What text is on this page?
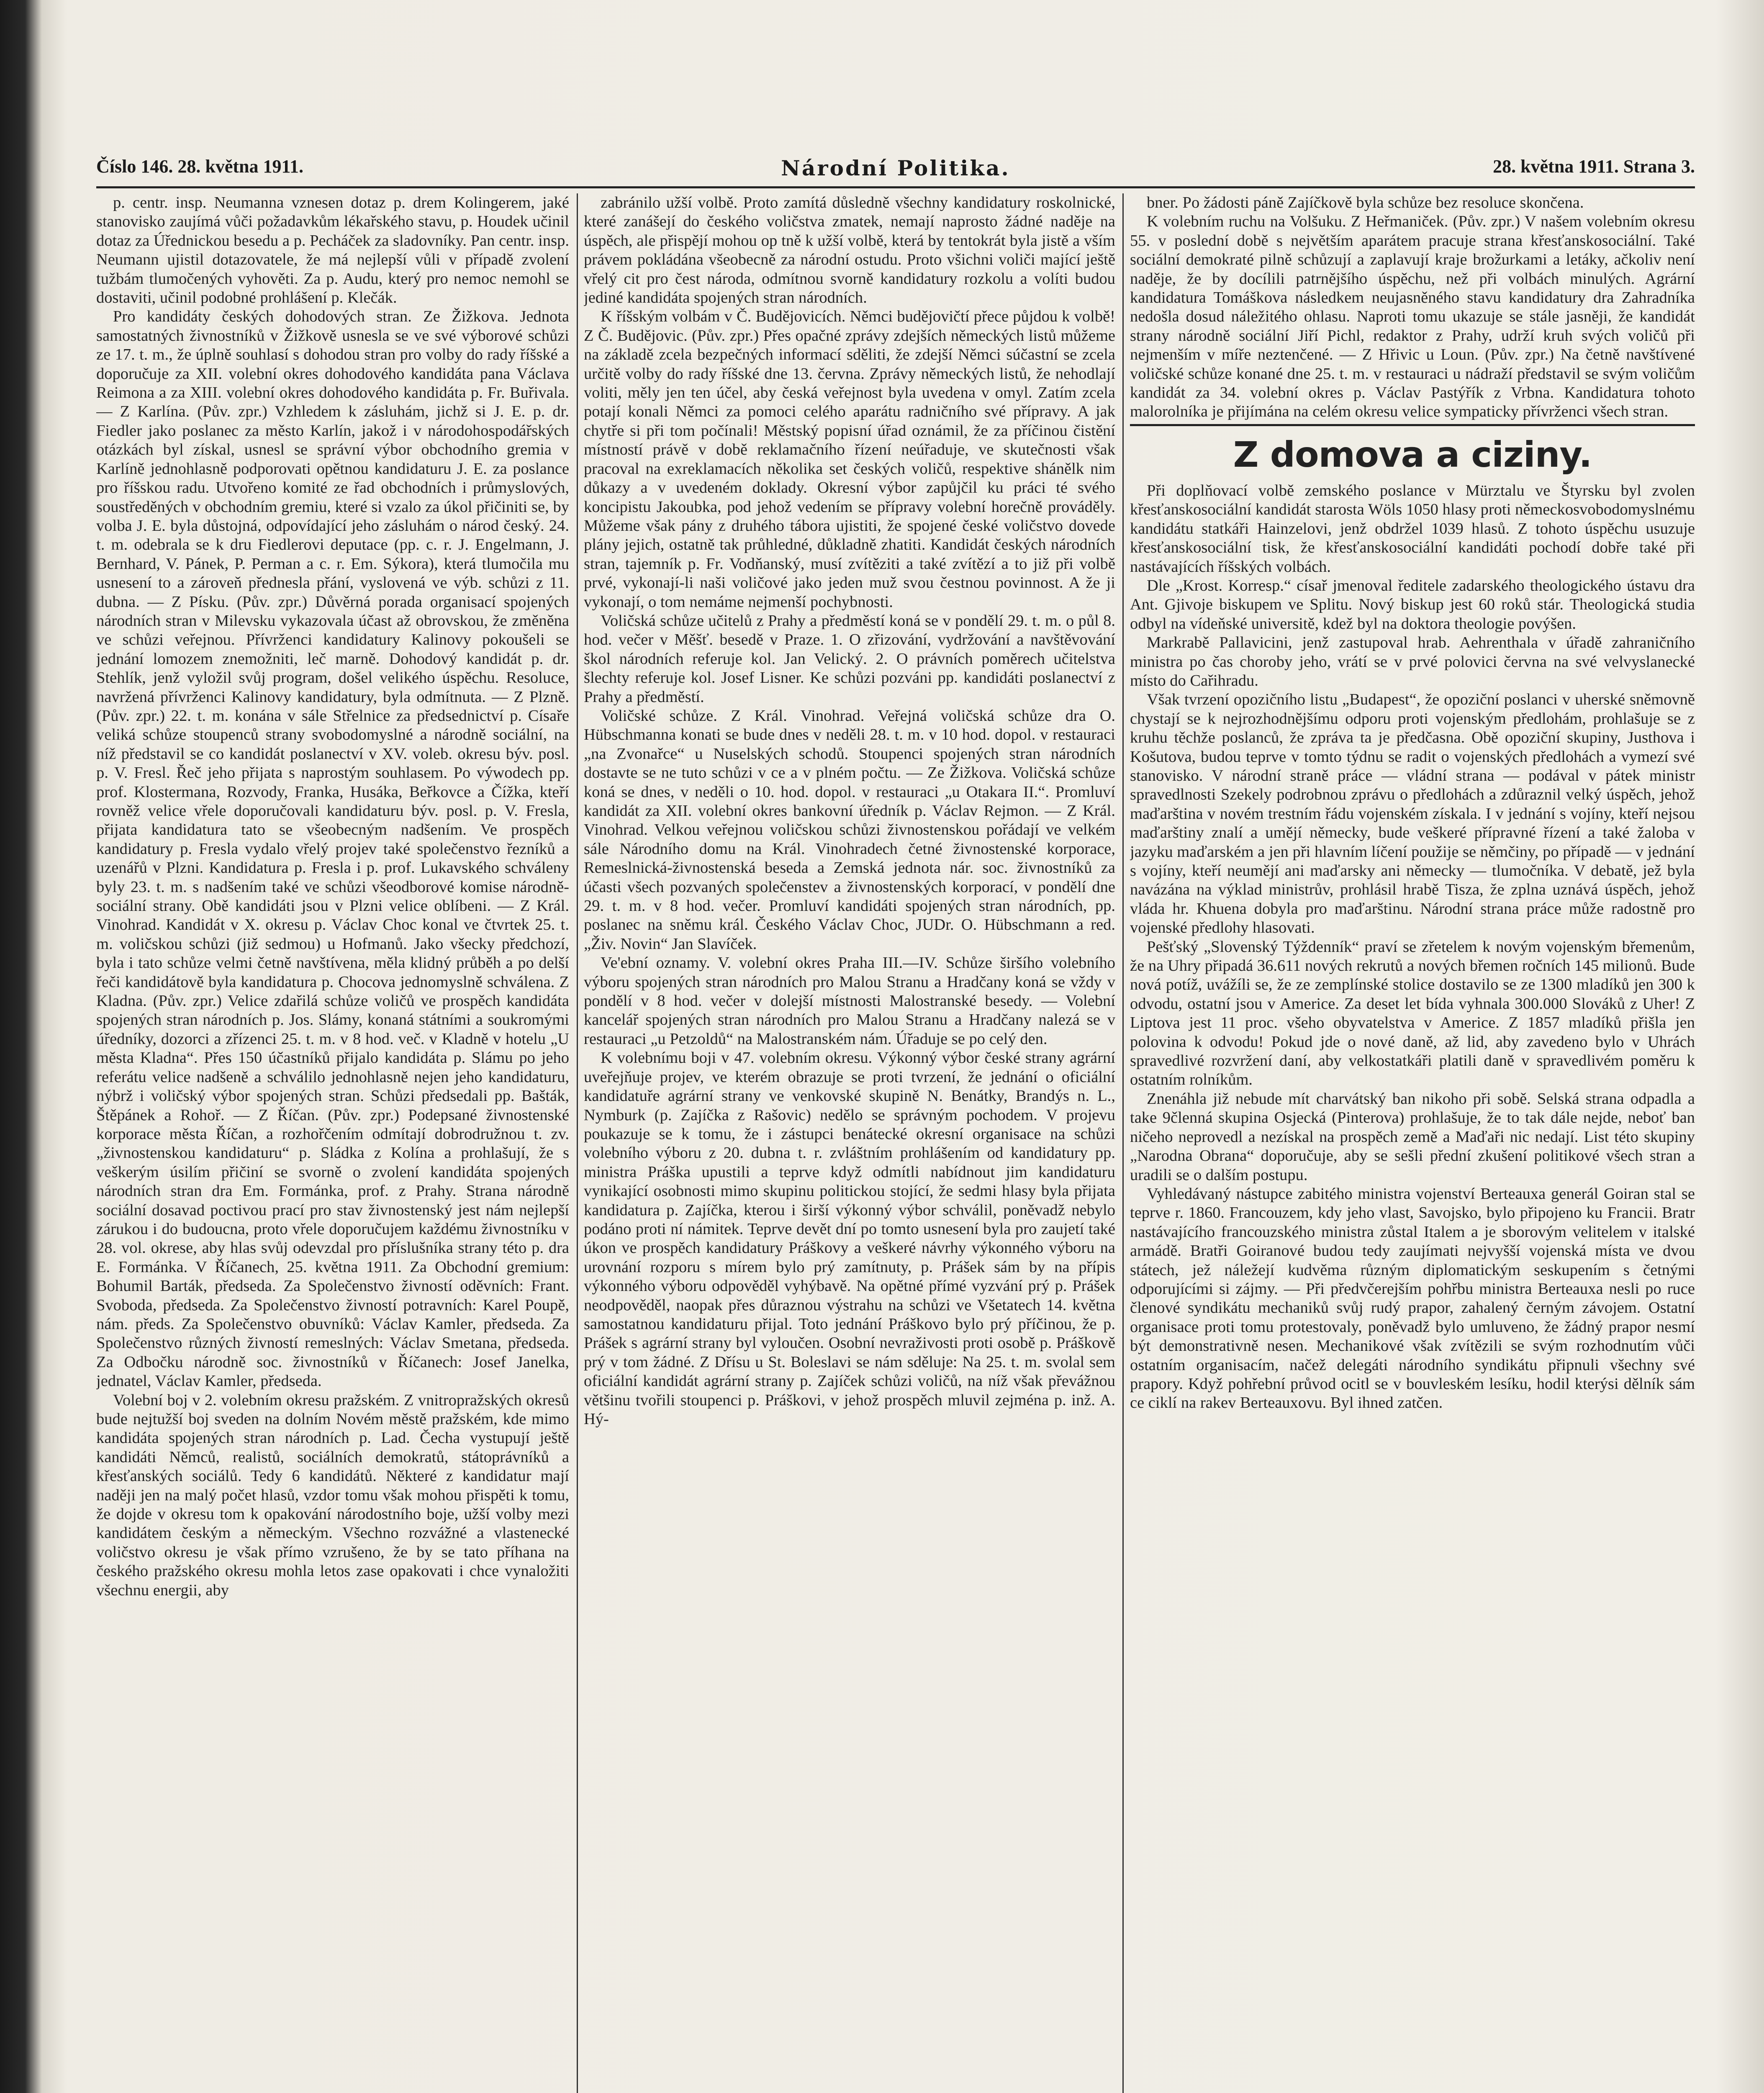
Číslo 146. 28. května 1911.	Národní Politika.	28. května 1911. Strana 3.

p. centr. insp. Neumanna vznesen dotaz p. drem Kolingerem, jaké stanovisko zaujímá vůči požadavkům lékařského stavu, p. Houdek učinil dotaz za Úřednickou besedu a p. Pecháček za sladovníky. Pan centr. insp. Neumann ujistil dotazovatele, že má nejlepší vůli v případě zvolení tužbám tlumočených vyhověti. Za p. Audu, který pro nemoc nemohl se dostaviti, učinil podobné prohlášení p. Klečák.

Pro kandidáty českých dohodových stran. Ze Žižkova. Jednota samostatných živnostníků v Žižkově usnesla se ve své výborové schůzi ze 17. t. m., že úplně souhlasí s dohodou stran pro volby do rady říšské a doporučuje za XII. volební okres dohodového kandidáta pana Václava Reimona a za XIII. volební okres dohodového kandidáta p. Fr. Buřivala. — Z Karlína. (Pův. zpr.) Vzhledem k zásluhám, jichž si J. E. p. dr. Fiedler jako poslanec za město Karlín, jakož i v národohospodářských otázkách byl získal, usnesl se správní výbor obchodního gremia v Karlíně jednohlasně podporovati opětnou kandidaturu J. E. za poslance pro říšskou radu. Utvořeno komité ze řad obchodních i průmyslových, soustředěných v obchodním gremiu, které si vzalo za úkol přičiniti se, by volba J. E. byla důstojná, odpovídající jeho zásluhám o národ český. 24. t. m. odebrala se k dru Fiedlerovi deputace (pp. c. r. J. Engelmann, J. Bernhard, V. Pánek, P. Perman a c. r. Em. Sýkora), která tlumočila mu usnesení to a zároveň přednesla přání, vyslovená ve výb. schůzi z 11. dubna. — Z Písku. (Pův. zpr.) Důvěrná porada organisací spojených národních stran v Milevsku vykazovala účast až obrovskou, že změněna ve schůzi veřejnou. Přívrženci kandidatury Kalinovy pokoušeli se jednání lomozem znemožniti, leč marně. Dohodový kandidát p. dr. Stehlík, jenž vyložil svůj program, došel velikého úspěchu. Resoluce, navržená přívrženci Kalinovy kandidatury, byla odmítnuta. — Z Plzně. (Pův. zpr.) 22. t. m. konána v sále Střelnice za předsednictví p. Císaře veliká schůze stoupenců strany svobodomyslné a národně sociální, na níž představil se co kandidát poslanectví v XV. voleb. okresu býv. posl. p. V. Fresl. Řeč jeho přijata s naprostým souhlasem. Po výwodech pp. prof. Klostermana, Rozvody, Franka, Husáka, Beřkovce a Čížka, kteří rovněž velice vřele doporučovali kandidaturu býv. posl. p. V. Fresla, přijata kandidatura tato se všeobecným nadšením. Ve prospěch kandidatury p. Fresla vydalo vřelý projev také společenstvo řezníků a uzenářů v Plzni. Kandidatura p. Fresla i p. prof. Lukavského schváleny byly 23. t. m. s nadšením také ve schůzi všeodborové komise národně-sociální strany. Obě kandidáti jsou v Plzni velice oblíbeni. — Z Král. Vinohrad. Kandidát v X. okresu p. Václav Choc konal ve čtvrtek 25. t. m. voličskou schůzi (již sedmou) u Hofmanů. Jako všecky předchozí, byla i tato schůze velmi četně navštívena, měla klidný průběh a po delší řeči kandidátově byla kandidatura p. Chocova jednomyslně schválena. Z Kladna. (Pův. zpr.) Velice zdařilá schůze voličů ve prospěch kandidáta spojených stran národních p. Jos. Slámy, konaná státními a soukromými úředníky, dozorci a zřízenci 25. t. m. v 8 hod. več. v Kladně v hotelu „U města Kladna“. Přes 150 účastníků přijalo kandidáta p. Slámu po jeho referátu velice nadšeně a schválilo jednohlasně nejen jeho kandidaturu, nýbrž i voličský výbor spojených stran. Schůzi předsedali pp. Bašták, Štěpánek a Rohoř. — Z Říčan. (Pův. zpr.) Podepsané živnostenské korporace města Říčan, a rozhořčením odmítají dobrodružnou t. zv. „živnostenskou kandidaturu“ p. Sládka z Kolína a prohlašují, že s veškerým úsilím přičiní se svorně o zvolení kandidáta spojených národních stran dra Em. Formánka, prof. z Prahy. Strana národně sociální dosavad poctivou prací pro stav živnostenský jest nám nejlepší zárukou i do budoucna, proto vřele doporučujem každému živnostníku v 28. vol. okrese, aby hlas svůj odevzdal pro příslušníka strany této p. dra E. Formánka. V Říčanech, 25. května 1911. Za Obchodní gremium: Bohumil Barták, předseda. Za Společenstvo živností oděvních: Frant. Svoboda, předseda. Za Společenstvo živností potravních: Karel Poupě, nám. předs. Za Společenstvo obuvníků: Václav Kamler, předseda. Za Společenstvo různých živností remeslných: Václav Smetana, předseda. Za Odbočku národně soc. živnostníků v Říčanech: Josef Janelka, jednatel, Václav Kamler, předseda.

Volební boj v 2. volebním okresu pražském. Z vnitropražských okresů bude nejtužší boj sveden na dolním Novém městě pražském, kde mimo kandidáta spojených stran národních p. Lad. Čecha vystupují ještě kandidáti Němců, realistů, sociálních demokratů, státoprávníků a křesťanských sociálů. Tedy 6 kandidátů. Některé z kandidatur mají naději jen na malý počet hlasů, vzdor tomu však mohou přispěti k tomu, že dojde v okresu tom k opakování národostního boje, užší volby mezi kandidátem českým a německým. Všechno rozvážné a vlastenecké voličstvo okresu je však přímo vzrušeno, že by se tato příhana na českého pražského okresu mohla letos zase opakovati i chce vynaložiti všechnu energii, aby

zabránilo užší volbě. Proto zamítá důsledně všechny kandidatury roskolnické, které zanášejí do českého voličstva zmatek, nemají naprosto žádné naděje na úspěch, ale přispějí mohou op tně k užší volbě, která by tentokrát byla jistě a vším právem pokládána všeobecně za národní ostudu. Proto všichni voliči mající ještě vřelý cit pro čest národa, odmítnou svorně kandidatury rozkolu a volíti budou jediné kandidáta spojených stran národních.

K říšským volbám v Č. Budějovicích. Němci budějovičtí přece půjdou k volbě! Z Č. Budějovic. (Pův. zpr.) Přes opačné zprávy zdejších německých listů můžeme na základě zcela bezpečných informací sděliti, že zdejší Němci súčastní se zcela určitě volby do rady říšské dne 13. června. Zprávy německých listů, že nehodlají voliti, měly jen ten účel, aby česká veřejnost byla uvedena v omyl. Zatím zcela potají konali Němci za pomoci celého aparátu radničního své přípravy. A jak chytře si při tom počínali! Městský popisní úřad oznámil, že za příčinou čistění místností právě v době reklamačního řízení neúřaduje, ve skutečnosti však pracoval na exreklamacích několika set českých voličů, respektive shánělk nim důkazy a v uvedeném doklady. Okresní výbor zapůjčil ku práci té svého koncipistu Jakoubka, pod jehož vedením se přípravy volební horečně prováděly. Můžeme však pány z druhého tábora ujistiti, že spojené české voličstvo dovede plány jejich, ostatně tak průhledné, důkladně zhatiti. Kandidát českých národních stran, tajemník p. Fr. Vodňanský, musí zvítěziti a také zvítězí a to již při volbě prvé, vykonají-li naši voličové jako jeden muž svou čestnou povinnost. A že ji vykonají, o tom nemáme nejmenší pochybnosti.

Voličská schůze učitelů z Prahy a předměstí koná se v pondělí 29. t. m. o půl 8. hod. večer v Měšť. besedě v Praze. 1. O zřizování, vydržování a navštěvování škol národních referuje kol. Jan Velický. 2. O právních poměrech učitelstva šlechty referuje kol. Josef Lisner. Ke schůzi pozváni pp. kandidáti poslanectví z Prahy a předměstí.

Voličské schůze. Z Král. Vinohrad. Veřejná voličská schůze dra O. Hübschmanna konati se bude dnes v neděli 28. t. m. v 10 hod. dopol. v restauraci „na Zvonařce“ u Nuselských schodů. Stoupenci spojených stran národních dostavte se ne tuto schůzi v ce a v plném počtu. — Ze Žižkova. Voličská schůze koná se dnes, v neděli o 10. hod. dopol. v restauraci „u Otakara II.“. Promluví kandidát za XII. volební okres bankovní úředník p. Václav Rejmon. — Z Král. Vinohrad. Velkou veřejnou voličskou schůzi živnostenskou pořádají ve velkém sále Národního domu na Král. Vinohradech četné živnostenské korporace, Remeslnická-živnostenská beseda a Zemská jednota nár. soc. živnostníků za účasti všech pozvaných společenstev a živnostenských korporací, v pondělí dne 29. t. m. v 8 hod. večer. Promluví kandidáti spojených stran národních, pp. poslanec na sněmu král. Českého Václav Choc, JUDr. O. Hübschmann a red. „Živ. Novin“ Jan Slavíček.

Ve'ební oznamy. V. volební okres Praha III.—IV. Schůze širšího volebního výboru spojených stran národních pro Malou Stranu a Hradčany koná se vždy v pondělí v 8 hod. večer v dolejší místnosti Malostranské besedy. — Volební kancelář spojených stran národních pro Malou Stranu a Hradčany nalezá se v restauraci „u Petzoldů“ na Malostranském nám. Úřaduje se po celý den.

K volebnímu boji v 47. volebním okresu. Výkonný výbor české strany agrární uveřejňuje projev, ve kterém obrazuje se proti tvrzení, že jednání o oficiální kandidatuře agrární strany ve venkovské skupině N. Benátky, Brandýs n. L., Nymburk (p. Zajíčka z Rašovic) nedělo se správným pochodem. V projevu poukazuje se k tomu, že i zástupci benátecké okresní organisace na schůzi volebního výboru z 20. dubna t. r. zvláštním prohlášením od kandidatury pp. ministra Práška upustili a teprve když odmítli nabídnout jim kandidaturu vynikající osobnosti mimo skupinu politickou stojící, že sedmi hlasy byla přijata kandidatura p. Zajíčka, kterou i širší výkonný výbor schválil, poněvadž nebylo podáno proti ní námitek. Teprve devět dní po tomto usnesení byla pro zaujetí také úkon ve prospěch kandidatury Práškovy a veškeré návrhy výkonného výboru na urovnání rozporu s mírem bylo prý zamítnuty, p. Prášek sám by na přípis výkonného výboru odpověděl vyhýbavě. Na opětné přímé vyzvání prý p. Prášek neodpověděl, naopak přes důraznou výstrahu na schůzi ve Všetatech 14. května samostatnou kandidaturu přijal. Toto jednání Práškovo bylo prý příčinou, že p. Prášek s agrární strany byl vyloučen. Osobní nevraživosti proti osobě p. Práškově prý v tom žádné. Z Dřísu u St. Boleslavi se nám sděluje: Na 25. t. m. svolal sem oficiální kandidát agrární strany p. Zajíček schůzi voličů, na níž však převážnou většinu tvořili stoupenci p. Práškovi, v jehož prospěch mluvil zejména p. inž. A. Hý-

bner. Po žádosti páně Zajíčkově byla schůze bez resoluce skončena.

K volebním ruchu na Volšuku. Z Heřmaniček. (Pův. zpr.) V našem volebním okresu 55. v poslední době s největším aparátem pracuje strana křesťanskosociální. Také sociální demokraté pilně schůzují a zaplavují kraje brožurkami a letáky, ačkoliv není naděje, že by docílili patrnějšího úspěchu, než při volbách minulých. Agrární kandidatura Tomáškova následkem neujasněného stavu kandidatury dra Zahradníka nedošla dosud náležitého ohlasu. Naproti tomu ukazuje se stále jasněji, že kandidát strany národně sociální Jiří Pichl, redaktor z Prahy, udrží kruh svých voličů při nejmenším v míře neztenčené. — Z Hřivic u Loun. (Pův. zpr.) Na četně navštívené voličské schůze konané dne 25. t. m. v restauraci u nádraží představil se svým voličům kandidát za 34. volební okres p. Václav Pastýřík z Vrbna. Kandidatura tohoto malorolníka je přijímána na celém okresu velice sympaticky přívrženci všech stran.

Z domova a ciziny.

Při doplňovací volbě zemského poslance v Mürztalu ve Štyrsku byl zvolen křesťanskosociální kandidát starosta Wöls 1050 hlasy proti německosvobodomyslnému kandidátu statkáři Hainzelovi, jenž obdržel 1039 hlasů. Z tohoto úspěchu usuzuje křesťanskosociální tisk, že křesťanskosociální kandidáti pochodí dobře také při nastávajících říšských volbách.

Dle „Krost. Korresp.“ císař jmenoval ředitele zadarského theologického ústavu dra Ant. Gjivoje biskupem ve Splitu. Nový biskup jest 60 roků stár. Theologická studia odbyl na vídeňské universitě, kdež byl na doktora theologie povýšen.

Markrabě Pallavicini, jenž zastupoval hrab. Aehrenthala v úřadě zahraničního ministra po čas choroby jeho, vrátí se v prvé polovici června na své velvyslanecké místo do Cařihradu.

Však tvrzení opozičního listu „Budapest“, že opoziční poslanci v uherské sněmovně chystají se k nejrozhodnějšímu odporu proti vojenským předlohám, prohlašuje se z kruhu těchže poslanců, že zpráva ta je předčasna. Obě opoziční skupiny, Justhova i Košutova, budou teprve v tomto týdnu se radit o vojenských předlohách a vymezí své stanovisko. V národní straně práce — vládní strana — podával v pátek ministr spravedlnosti Szekely podrobnou zprávu o předlohách a zdůraznil velký úspěch, jehož maďarština v novém trestním řádu vojenském získala. I v jednání s vojíny, kteří nejsou maďarštiny znalí a umějí německy, bude veškeré přípravné řízení a také žaloba v jazyku maďarském a jen při hlavním líčení použije se němčiny, po případě — v jednání s vojíny, kteří neumějí ani maďarsky ani německy — tlumočníka. V debatě, jež byla navázána na výklad ministrův, prohlásil hrabě Tisza, že zplna uznává úspěch, jehož vláda hr. Khuena dobyla pro maďarštinu. Národní strana práce může radostně pro vojenské předlohy hlasovati.

Pešťský „Slovenský Týždenník“ praví se zřetelem k novým vojenským břemenům, že na Uhry připadá 36.611 nových rekrutů a nových břemen ročních 145 milionů. Bude nová potíž, uvážíli se, že ze zemplínské stolice dostavilo se ze 1300 mladíků jen 300 k odvodu, ostatní jsou v Americe. Za deset let bída vyhnala 300.000 Slováků z Uher! Z Liptova jest 11 proc. všeho obyvatelstva v Americe. Z 1857 mladíků přišla jen polovina k odvodu! Pokud jde o nové daně, až lid, aby zavedeno bylo v Uhrách spravedlivé rozvržení daní, aby velkostatkáři platili daně v spravedlivém poměru k ostatním rolníkům.

Znenáhla již nebude mít charvátský ban nikoho při sobě. Selská strana odpadla a take 9členná skupina Osjecká (Pinterova) prohlašuje, že to tak dále nejde, neboť ban ničeho neprovedl a nezískal na prospěch země a Maďaři nic nedají. List této skupiny „Narodna Obrana“ doporučuje, aby se sešli přední zkušení politikové všech stran a uradili se o dalším postupu.

Vyhledávaný nástupce zabitého ministra vojenství Berteauxa generál Goiran stal se teprve r. 1860. Francouzem, kdy jeho vlast, Savojsko, bylo připojeno ku Francii. Bratr nastávajícího francouzského ministra zůstal Italem a je sborovým velitelem v italské armádě. Bratři Goiranové budou tedy zaujímati nejvyšší vojenská místa ve dvou státech, jež náležejí kudvěma různým diplomatickým seskupením s četnými odporujícími si zájmy. — Při předvčerejším pohřbu ministra Berteauxa nesli po ruce členové syndikátu mechaniků svůj rudý prapor, zahalený černým závojem. Ostatní organisace proti tomu protestovaly, poněvadž bylo umluveno, že žádný prapor nesmí být demonstrativně nesen. Mechanikové však zvítězili se svým rozhodnutím vůči ostatním organisacím, načež delegáti národního syndikátu připnuli všechny své prapory. Když pohřební průvod ocitl se v bouvleském lesíku, hodil kterýsi dělník sám ce ciklí na rakev Berteauxovu. Byl ihned zatčen.
